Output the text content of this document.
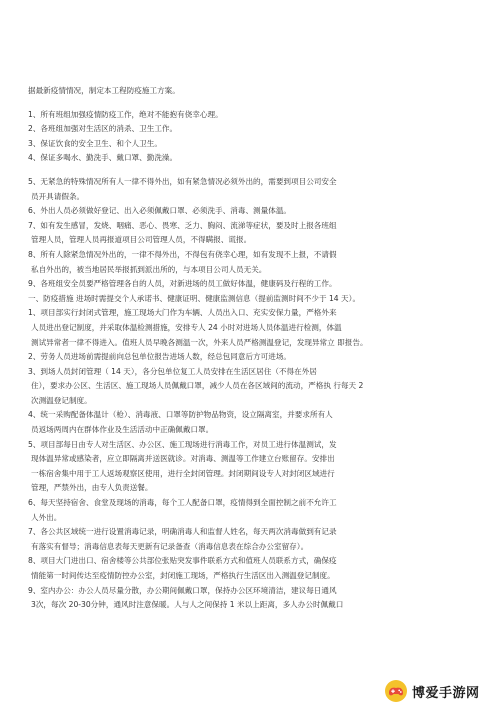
据最新疫情情况，制定本工程防疫施工方案。
1、所有班组加强疫情防疫工作，绝对不能抱有侥幸心理。
2、各班组加强对生活区的消杀、卫生工作。
3、保证饮食的安全卫生、和个人卫生。
4、保证多喝水、勤洗手、戴口罩、勤洗澡。
5、无紧急的特殊情况所有人一律不得外出，如有紧急情况必须外出的，需要到项目公司安全
员开具请假条。
6、外出人员必须做好登记、出入必须佩戴口罩、必须洗手、消毒、测量体温。
7、如有发生感冒，发烧、咽痛、恶心、畏寒、乏力、胸闷、流涕等症状，要及时上报各班组
管理人员，管理人员再报道项目公司管理人员，不得瞒报、谎报。
8、所有人除紧急情况外出的，一律不得外出，不得包有侥幸心理，如有发现不上报，不请假
私自外出的，被当地居民举报抓到派出所的，与本项目公司人员无关。
9、各班组安全员要严格管理各自的人员，对新进场的员工做好体温，健康码及行程的工作。
一、防疫措施 进场时需提交个人承诺书、健康证明、健康监测信息（提前监测时间不少于 14 天）。
1、项目部实行封闭式管理，施工现场大门作为车辆、人员出入口、充实安保力量，严格外来
人员进出登记制度，并采取体温检测措施，安排专人 24 小时对进场人员体温进行检测，体温
测试异常者一律不得进入。值班人员早晚各测温一次，外来人员严格测温登记，发现异常立 即报告。
2、劳务人员进场前需提前向总包单位报告进场人数，经总包同意后方可进场。
3、到场人员封闭管理（ 14 天），各分包单位复工人员安排在生活区居住（不得在外居
住），要求办公区、生活区、施工现场人员佩戴口罩，减少人员在各区域间的流动，严格执 行每天 2
次测温登记制度。
4、统一采购配备体温计（枪）、消毒液、口罩等防护物品物资，设立隔离室，并要求所有人
员返场两周内在群体作业及生活活动中正确佩戴口罩。
5、项目部每日由专人对生活区、办公区、施工现场进行消毒工作，对员工进行体温测试，发
现体温异常或感染者，应立即隔离并送医就诊。对消毒、测温等工作建立台账留存。安排出
一栋宿舍集中用于工人返场观察区使用，进行全封闭管理。封闭期间设专人对封闭区域进行
管理，严禁外出，由专人负责送餐。
6、每天坚持宿舍、食堂及现场的消毒，每个工人配备口罩，疫情得到全面控制之前不允许工
人外出。
7、各公共区域统一进行设置消毒记录，明确消毒人和监督人姓名，每天两次消毒做到有记录
有落实有督导；消毒信息表每天更新有记录备查（消毒信息表在综合办公室留存）。
8、项目大门进出口、宿舍楼等公共部位张贴突发事件联系方式和值班人员联系方式，确保疫
情能第一时间传达至疫情防控办公室，封闭施工现场，严格执行生活区出入测温登记制度。
9、室内办公：办公人员尽量分散，办公期间佩戴口罩，保持办公区环境清洁，建议每日通风
3次，每次 20-30分钟，通风时注意保暖。人与人之间保持 1 米以上距离，多人办公时佩戴口
博爱手游网
